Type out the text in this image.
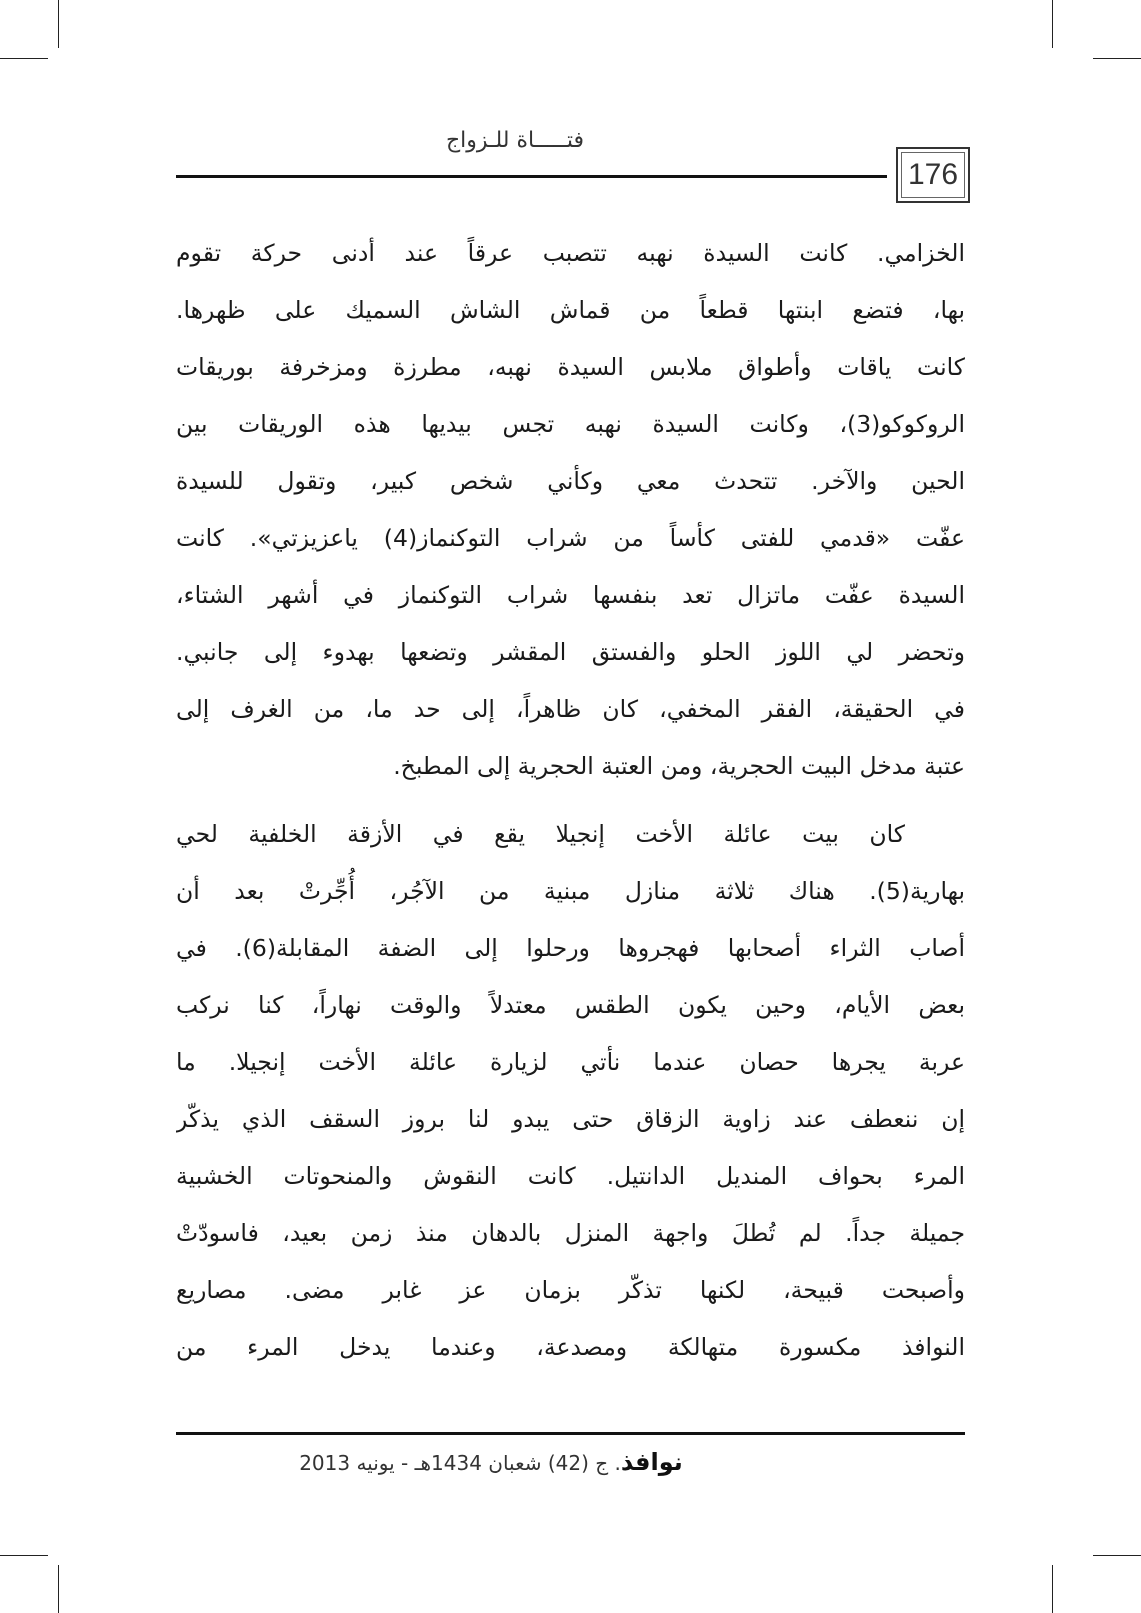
فتـــــاة للـزواج
176
الخزامي. كانت السيدة نهبه تتصبب عرقاً عند أدنى حركة تقوم
بها، فتضع ابنتها قطعاً من قماش الشاش السميك على ظهرها.
كانت ياقات وأطواق ملابس السيدة نهبه، مطرزة ومزخرفة بوريقات
الروكوكو(3)، وكانت السيدة نهبه تجس بيديها هذه الوريقات بين
الحين والآخر. تتحدث معي وكأني شخص كبير، وتقول للسيدة
عفّت «قدمي للفتى كأساً من شراب التوكنماز(4) ياعزيزتي». كانت
السيدة عفّت ماتزال تعد بنفسها شراب التوكنماز في أشهر الشتاء،
وتحضر لي اللوز الحلو والفستق المقشر وتضعها بهدوء إلى جانبي.
في الحقيقة، الفقر المخفي، كان ظاهراً، إلى حد ما، من الغرف إلى
عتبة مدخل البيت الحجرية، ومن العتبة الحجرية إلى المطبخ.
كان بيت عائلة الأخت إنجيلا يقع في الأزقة الخلفية لحي
بهارية(5). هناك ثلاثة منازل مبنية من الآجُر، أُجِّرتْ بعد أن
أصاب الثراء أصحابها فهجروها ورحلوا إلى الضفة المقابلة(6). في
بعض الأيام، وحين يكون الطقس معتدلاً والوقت نهاراً، كنا نركب
عربة يجرها حصان عندما نأتي لزيارة عائلة الأخت إنجيلا. ما
إن ننعطف عند زاوية الزقاق حتى يبدو لنا بروز السقف الذي يذكّر
المرء بحواف المنديل الدانتيل. كانت النقوش والمنحوتات الخشبية
جميلة جداً. لم تُطلَ واجهة المنزل بالدهان منذ زمن بعيد، فاسودّتْ
وأصبحت قبيحة، لكنها تذكّر بزمان عز غابر مضى. مصاريع
النوافذ مكسورة متهالكة ومصدعة، وعندما يدخل المرء من
نوافذ. ج (42) شعبان 1434هـ - يونيه 2013
